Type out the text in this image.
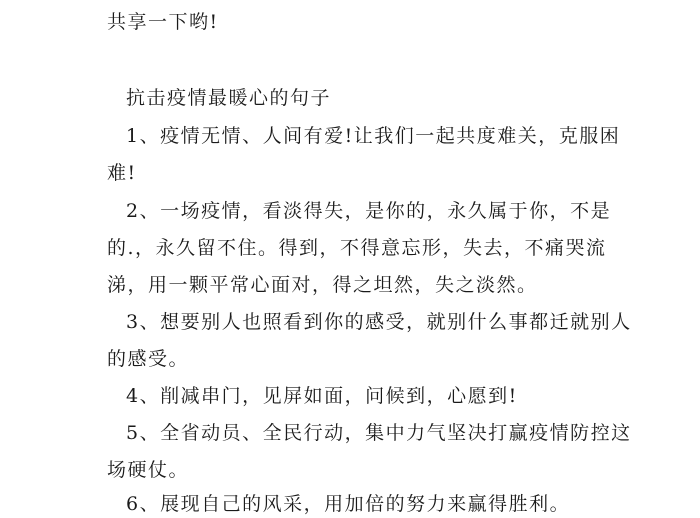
共享一下哟!
抗击疫情最暖心的句子
1、疫情无情、人间有爱!让我们一起共度难关，克服困
难!
2、一场疫情，看淡得失，是你的，永久属于你，不是
的.，永久留不住。得到，不得意忘形，失去，不痛哭流
涕，用一颗平常心面对，得之坦然，失之淡然。
3、想要别人也照看到你的感受，就别什么事都迁就别人
的感受。
4、削减串门，见屏如面，问候到，心愿到!
5、全省动员、全民行动，集中力气坚决打赢疫情防控这
场硬仗。
6、展现自己的风采，用加倍的努力来赢得胜利。
